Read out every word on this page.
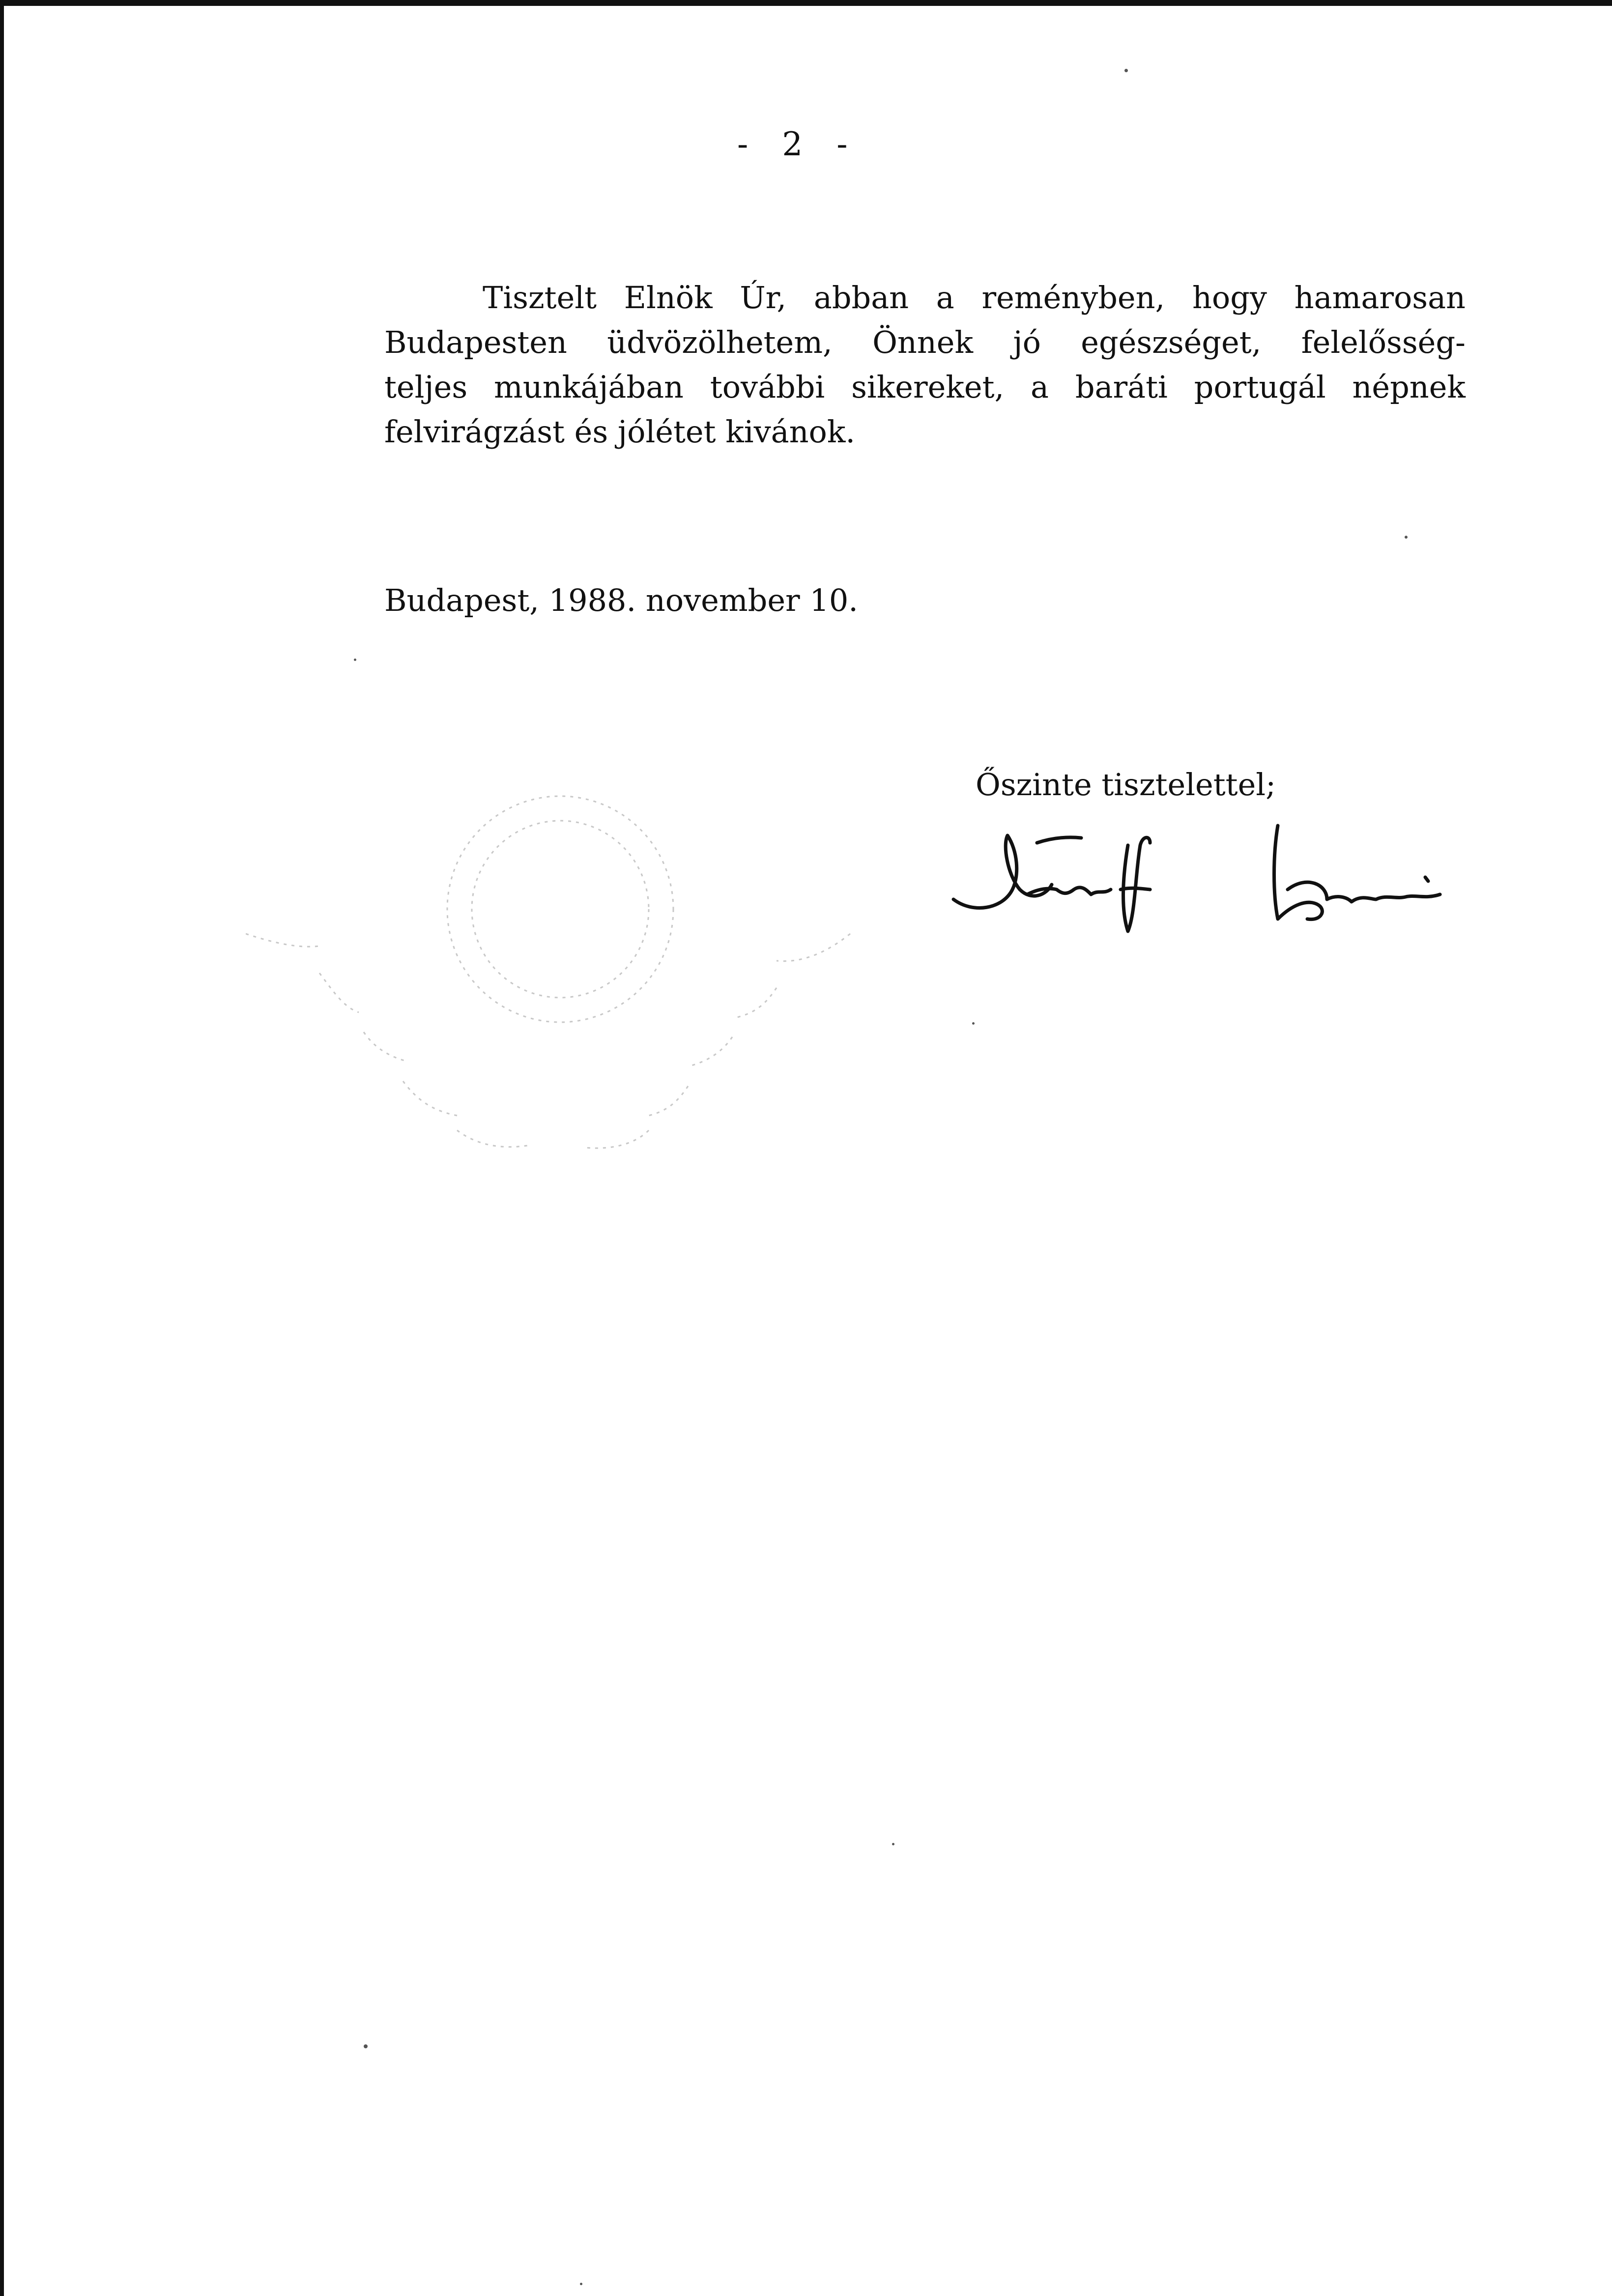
- 2 -

Tisztelt Elnök Úr, abban a reményben, hogy hamarosan
Budapesten üdvözölhetem, Önnek jó egészséget, felelősség-
teljes munkájában további sikereket, a baráti portugál népnek
felvirágzást és jólétet kivánok.

Budapest, 1988. november 10.
Őszinte tisztelettel;
